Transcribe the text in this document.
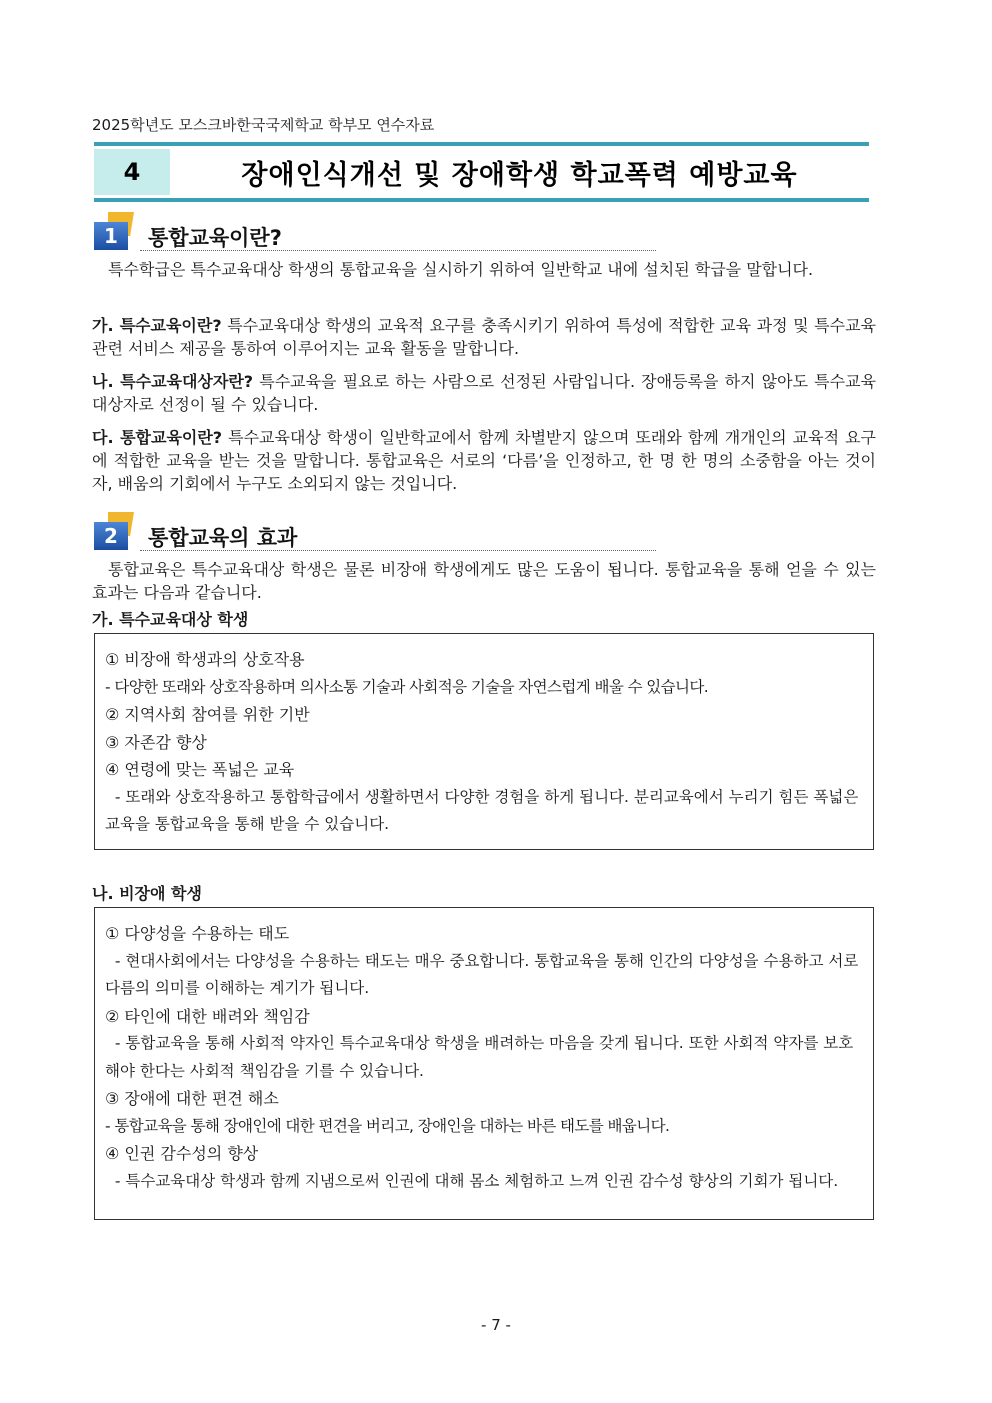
2025학년도 모스크바한국국제학교 학부모 연수자료
4	장애인식개선 및 장애학생 학교폭력 예방교육
1	통합교육이란?
특수학급은 특수교육대상 학생의 통합교육을 실시하기 위하여 일반학교 내에 설치된 학급을 말합니다.
가. 특수교육이란? 특수교육대상 학생의 교육적 요구를 충족시키기 위하여 특성에 적합한 교육 과정 및 특수교육 관련 서비스 제공을 통하여 이루어지는 교육 활동을 말합니다.
나. 특수교육대상자란? 특수교육을 필요로 하는 사람으로 선정된 사람입니다. 장애등록을 하지 않아도 특수교육대상자로 선정이 될 수 있습니다.
다. 통합교육이란? 특수교육대상 학생이 일반학교에서 함께 차별받지 않으며 또래와 함께 개개인의 교육적 요구에 적합한 교육을 받는 것을 말합니다. 통합교육은 서로의 ‘다름’을 인정하고, 한 명 한 명의 소중함을 아는 것이자, 배움의 기회에서 누구도 소외되지 않는 것입니다.
2	통합교육의 효과
통합교육은 특수교육대상 학생은 물론 비장애 학생에게도 많은 도움이 됩니다. 통합교육을 통해 얻을 수 있는 효과는 다음과 같습니다.
가. 특수교육대상 학생
① 비장애 학생과의 상호작용
- 다양한 또래와 상호작용하며 의사소통 기술과 사회적응 기술을 자연스럽게 배울 수 있습니다.
② 지역사회 참여를 위한 기반
③ 자존감 향상
④ 연령에 맞는 폭넓은 교육
- 또래와 상호작용하고 통합학급에서 생활하면서 다양한 경험을 하게 됩니다. 분리교육에서 누리기 힘든 폭넓은 교육을 통합교육을 통해 받을 수 있습니다.
나. 비장애 학생
① 다양성을 수용하는 태도
- 현대사회에서는 다양성을 수용하는 태도는 매우 중요합니다. 통합교육을 통해 인간의 다양성을 수용하고 서로 다름의 의미를 이해하는 계기가 됩니다.
② 타인에 대한 배려와 책임감
- 통합교육을 통해 사회적 약자인 특수교육대상 학생을 배려하는 마음을 갖게 됩니다. 또한 사회적 약자를 보호해야 한다는 사회적 책임감을 기를 수 있습니다.
③ 장애에 대한 편견 해소
- 통합교육을 통해 장애인에 대한 편견을 버리고, 장애인을 대하는 바른 태도를 배웁니다.
④ 인권 감수성의 향상
- 특수교육대상 학생과 함께 지냄으로써 인권에 대해 몸소 체험하고 느껴 인권 감수성 향상의 기회가 됩니다.
- 7 -
